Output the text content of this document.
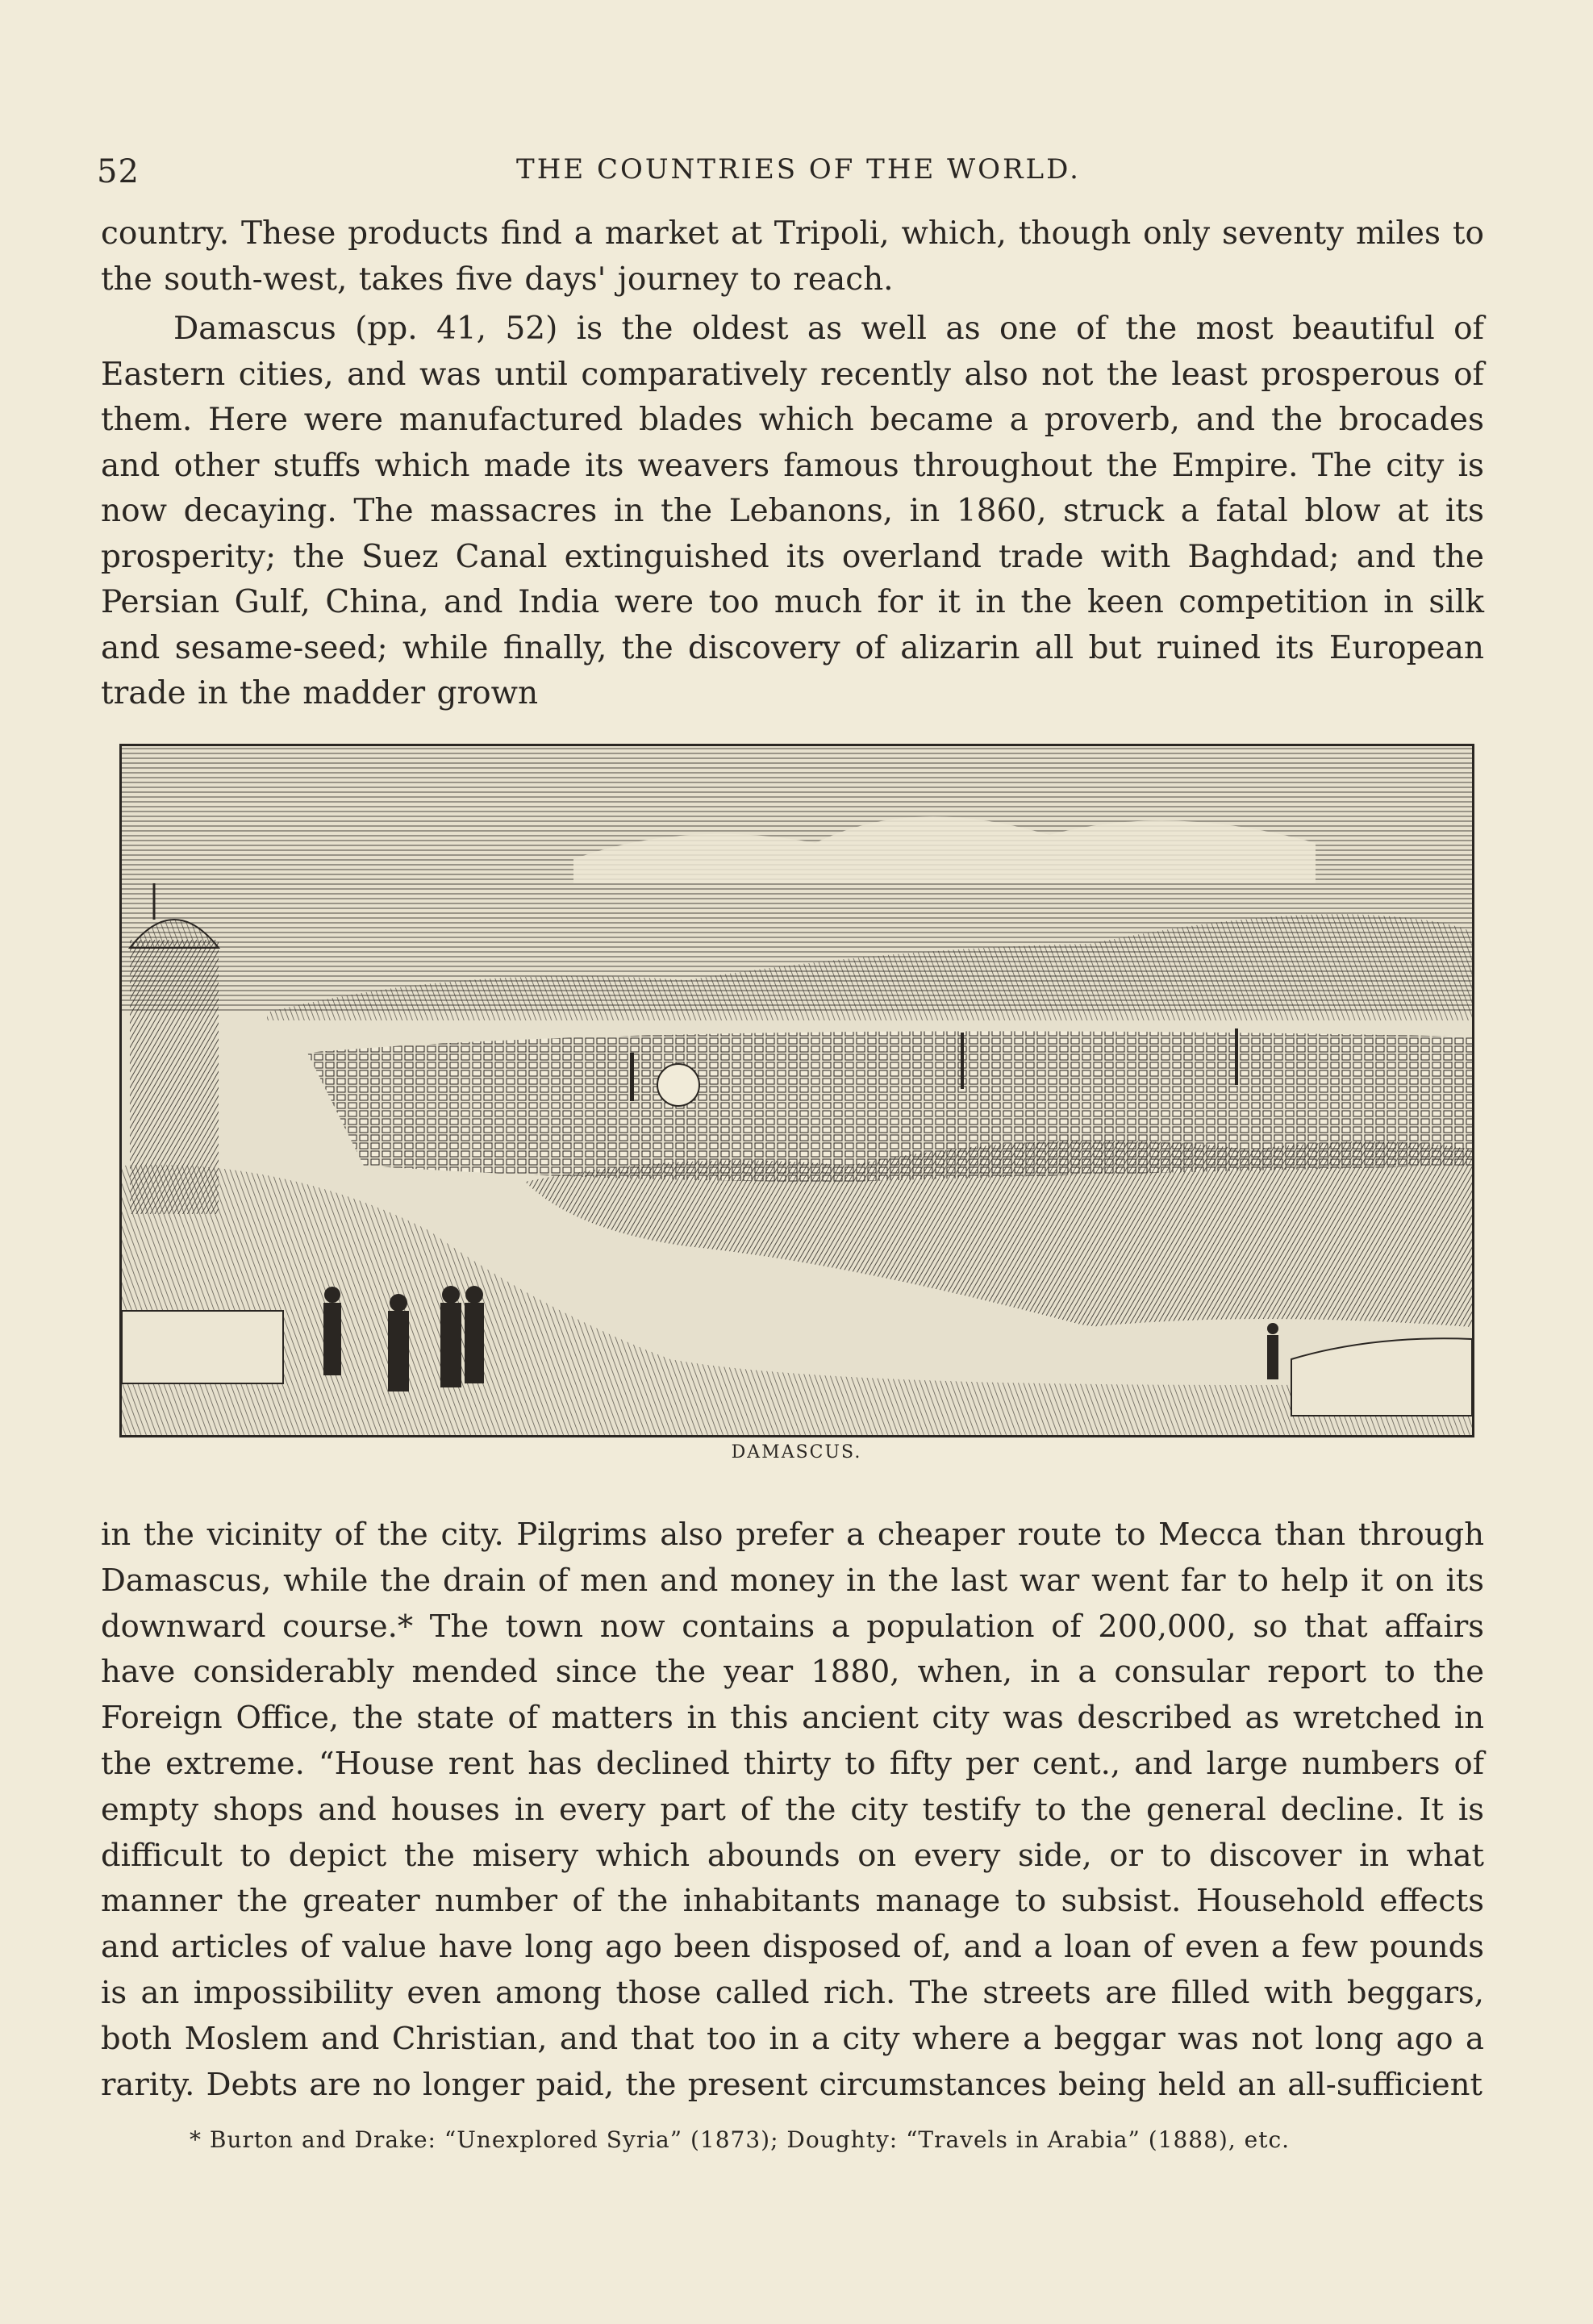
52	THE COUNTRIES OF THE WORLD.

country. These products find a market at Tripoli, which, though only seventy miles to the south-west, takes five days' journey to reach.

Damascus (pp. 41, 52) is the oldest as well as one of the most beautiful of Eastern cities, and was until comparatively recently also not the least prosperous of them. Here were manufactured blades which became a proverb, and the brocades and other stuffs which made its weavers famous throughout the Empire. The city is now decaying. The massacres in the Lebanons, in 1860, struck a fatal blow at its prosperity; the Suez Canal extinguished its overland trade with Baghdad; and the Persian Gulf, China, and India were too much for it in the keen competition in silk and sesame-seed; while finally, the discovery of alizarin all but ruined its European trade in the madder grown

DAMASCUS.

in the vicinity of the city. Pilgrims also prefer a cheaper route to Mecca than through Damascus, while the drain of men and money in the last war went far to help it on its downward course.* The town now contains a population of 200,000, so that affairs have considerably mended since the year 1880, when, in a consular report to the Foreign Office, the state of matters in this ancient city was described as wretched in the extreme. “House rent has declined thirty to fifty per cent., and large numbers of empty shops and houses in every part of the city testify to the general decline. It is difficult to depict the misery which abounds on every side, or to discover in what manner the greater number of the inhabitants manage to subsist. Household effects and articles of value have long ago been disposed of, and a loan of even a few pounds is an impossibility even among those called rich. The streets are filled with beggars, both Moslem and Christian, and that too in a city where a beggar was not long ago a rarity. Debts are no longer paid, the present circumstances being held an all-sufficient

* Burton and Drake: “Unexplored Syria” (1873); Doughty: “Travels in Arabia” (1888), etc.
